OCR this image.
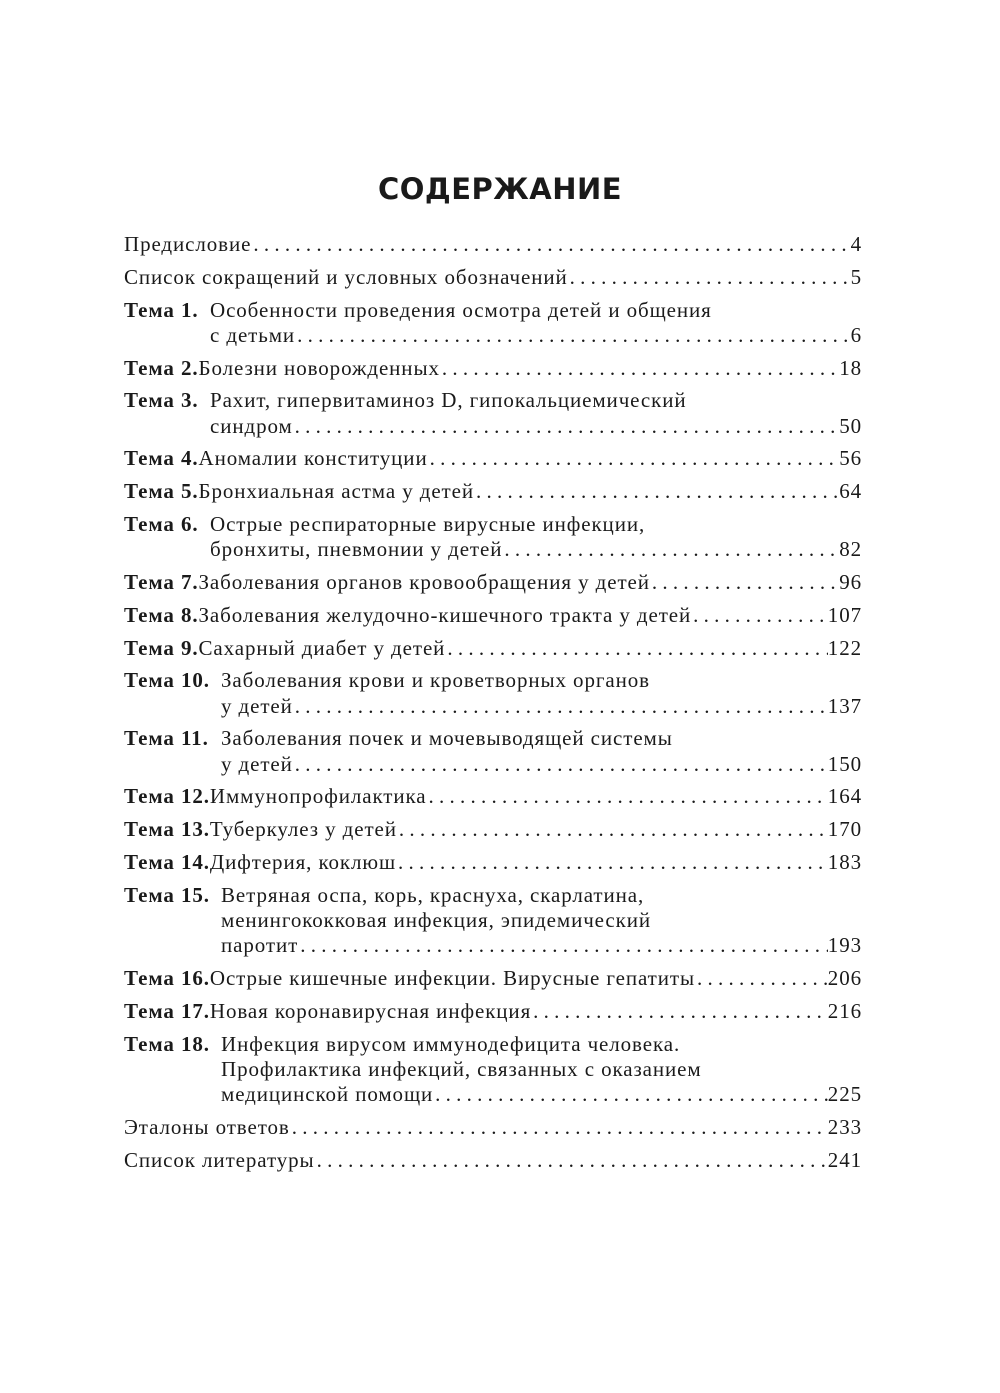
СОДЕРЖАНИЕ
Предисловие . . .	4
Список сокращений и условных обозначений . . .	5
Тема 1. Особенности проведения осмотра детей и общения
с детьми . . .	6
Тема 2. Болезни новорожденных . . .	18
Тема 3. Рахит, гипервитаминоз D, гипокальциемический
синдром . . .	50
Тема 4. Аномалии конституции . . .	56
Тема 5. Бронхиальная астма у детей . . .	64
Тема 6. Острые респираторные вирусные инфекции,
бронхиты, пневмонии у детей . . .	82
Тема 7. Заболевания органов кровообращения у детей . . .	96
Тема 8. Заболевания желудочно-кишечного тракта у детей . . .	107
Тема 9. Сахарный диабет у детей . . .	122
Тема 10. Заболевания крови и кроветворных органов
у детей . . .	137
Тема 11. Заболевания почек и мочевыводящей системы
у детей . . .	150
Тема 12. Иммунопрофилактика . . .	164
Тема 13. Туберкулез у детей . . .	170
Тема 14. Дифтерия, коклюш . . .	183
Тема 15. Ветряная оспа, корь, краснуха, скарлатина,
менингококковая инфекция, эпидемический
паротит . . .	193
Тема 16. Острые кишечные инфекции. Вирусные гепатиты . . .	206
Тема 17. Новая коронавирусная инфекция . . .	216
Тема 18. Инфекция вирусом иммунодефицита человека.
Профилактика инфекций, связанных с оказанием
медицинской помощи . . .	225
Эталоны ответов . . .	233
Список литературы . . .	241
